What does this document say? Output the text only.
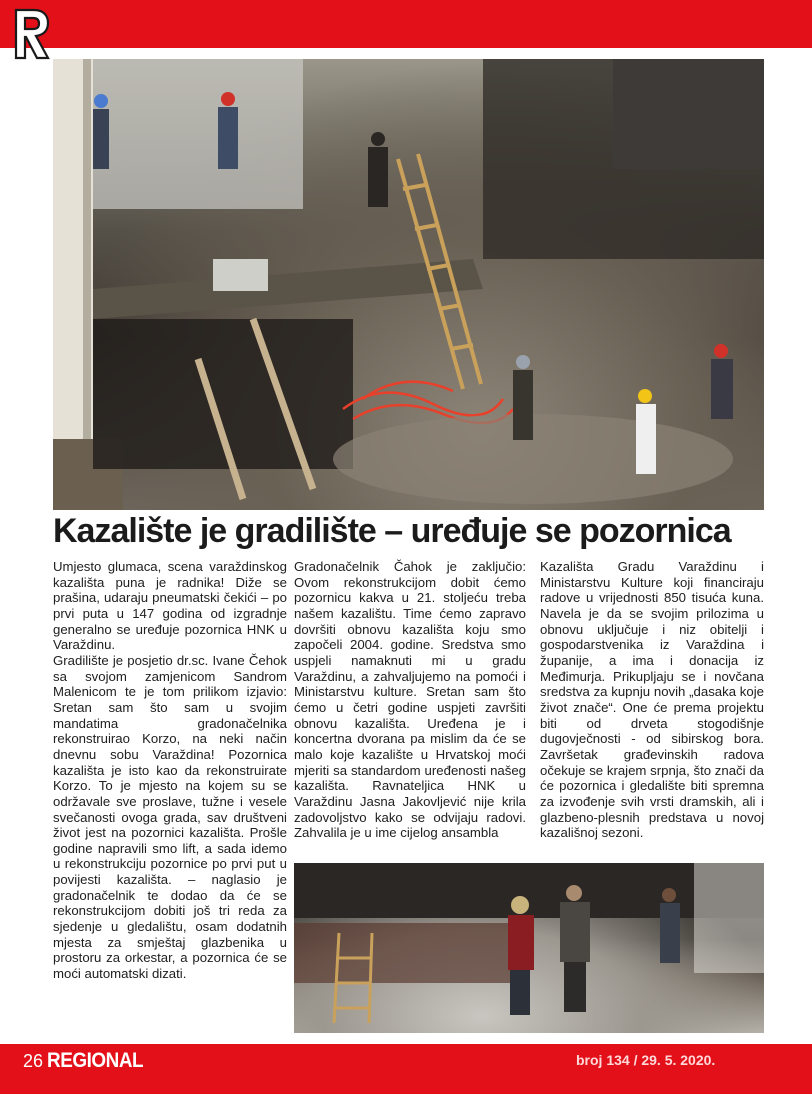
Kazalište je gradilište – uređuje se pozornica

Umjesto glumaca, scena varaždinskog kazališta puna je radnika! Diže se prašina, udaraju pneumatski čekići – po prvi puta u 147 godina od izgradnje generalno se uređuje pozornica HNK u Varaždinu.

Gradilište je posjetio dr.sc. Ivane Čehok sa svojom zamjenicom Sandrom Malenicom te je tom prilikom izjavio: Sretan sam što sam u svojim mandatima gradonačelnika rekonstruirao Korzo, na neki način dnevnu sobu Varaždina! Pozornica kazališta je isto kao da rekonstruirate Korzo. To je mjesto na kojem su se održavale sve proslave, tužne i vesele svečanosti ovoga grada, sav društveni život jest na pozornici kazališta. Prošle godine napravili smo lift, a sada idemo u rekonstrukciju pozornice po prvi put u povijesti kazališta. – naglasio je gradonačelnik te dodao da će se rekonstrukcijom dobiti još tri reda za sjedenje u gledalištu, osam dodatnih mjesta za smještaj glazbenika u prostoru za orkestar, a pozornica će se moći automatski dizati.

Gradonačelnik Čahok je zaključio: Ovom rekonstrukcijom dobit ćemo pozornicu kakva u 21. stoljeću treba našem kazalištu. Time ćemo zapravo dovršiti obnovu kazališta koju smo započeli 2004. godine. Sredstva smo uspjeli namaknuti mi u gradu Varaždinu, a zahvaljujemo na pomoći i Ministarstvu kulture. Sretan sam što ćemo u četri godine uspjeti završiti obnovu kazališta. Uređena je i koncertna dvorana pa mislim da će se malo koje kazalište u Hrvatskoj moći mjeriti sa standardom uređenosti našeg kazališta. Ravnateljica HNK u Varaždinu Jasna Jakovljević nije krila zadovoljstvo kako se odvijaju radovi. Zahvalila je u ime cijelog ansambla

Kazališta Gradu Varaždinu i Ministarstvu Kulture koji financiraju radove u vrijednosti 850 tisuća kuna. Navela je da se svojim prilozima u obnovu uključuje i niz obitelji i gospodarstvenika iz Varaždina i županije, a ima i donacija iz Međimurja. Prikupljaju se i novčana sredstva za kupnju novih „dasaka koje život znače“. One će prema projektu biti od drveta stogodišnje dugovječnosti - od sibirskog bora. Završetak građevinskih radova očekuje se krajem srpnja, što znači da će pozornica i gledalište biti spremna za izvođenje svih vrsti dramskih, ali i glazbeno-plesnih predstava u novoj kazališnoj sezoni.

26 REGIONAL	broj 134 / 29. 5. 2020.
